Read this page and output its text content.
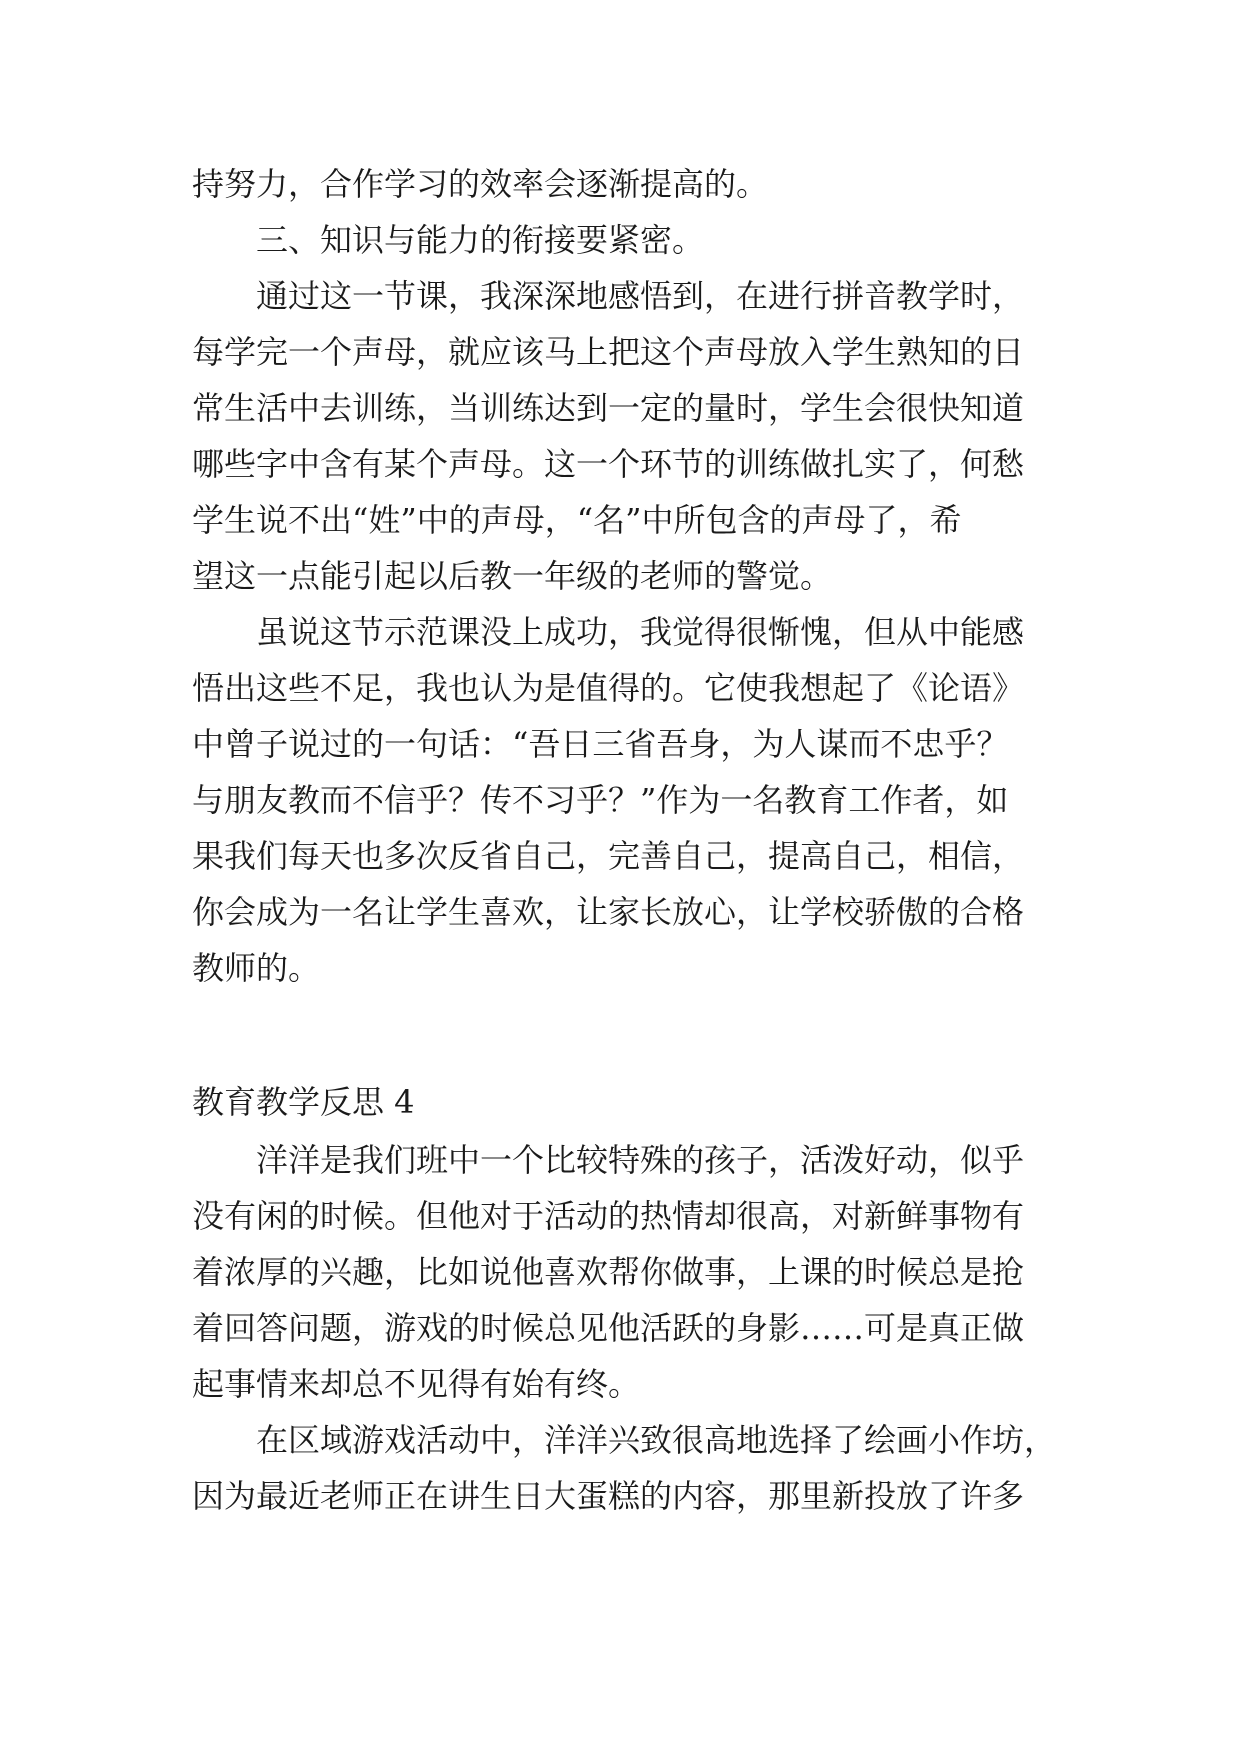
持努力，合作学习的效率会逐渐提高的。
三、知识与能力的衔接要紧密。
通过这一节课，我深深地感悟到，在进行拼音教学时，
每学完一个声母，就应该马上把这个声母放入学生熟知的日
常生活中去训练，当训练达到一定的量时，学生会很快知道
哪些字中含有某个声母。这一个环节的训练做扎实了，何愁
学生说不出“姓”中的声母，“名”中所包含的声母了，希
望这一点能引起以后教一年级的老师的警觉。
虽说这节示范课没上成功，我觉得很惭愧，但从中能感
悟出这些不足，我也认为是值得的。它使我想起了《论语》
中曾子说过的一句话：“吾日三省吾身，为人谋而不忠乎？
与朋友教而不信乎？传不习乎？”作为一名教育工作者，如
果我们每天也多次反省自己，完善自己，提高自己，相信，
你会成为一名让学生喜欢，让家长放心，让学校骄傲的合格
教师的。
教育教学反思 4
洋洋是我们班中一个比较特殊的孩子，活泼好动，似乎
没有闲的时候。但他对于活动的热情却很高，对新鲜事物有
着浓厚的兴趣，比如说他喜欢帮你做事，上课的时候总是抢
着回答问题，游戏的时候总见他活跃的身影……可是真正做
起事情来却总不见得有始有终。
在区域游戏活动中，洋洋兴致很高地选择了绘画小作坊，
因为最近老师正在讲生日大蛋糕的内容，那里新投放了许多
